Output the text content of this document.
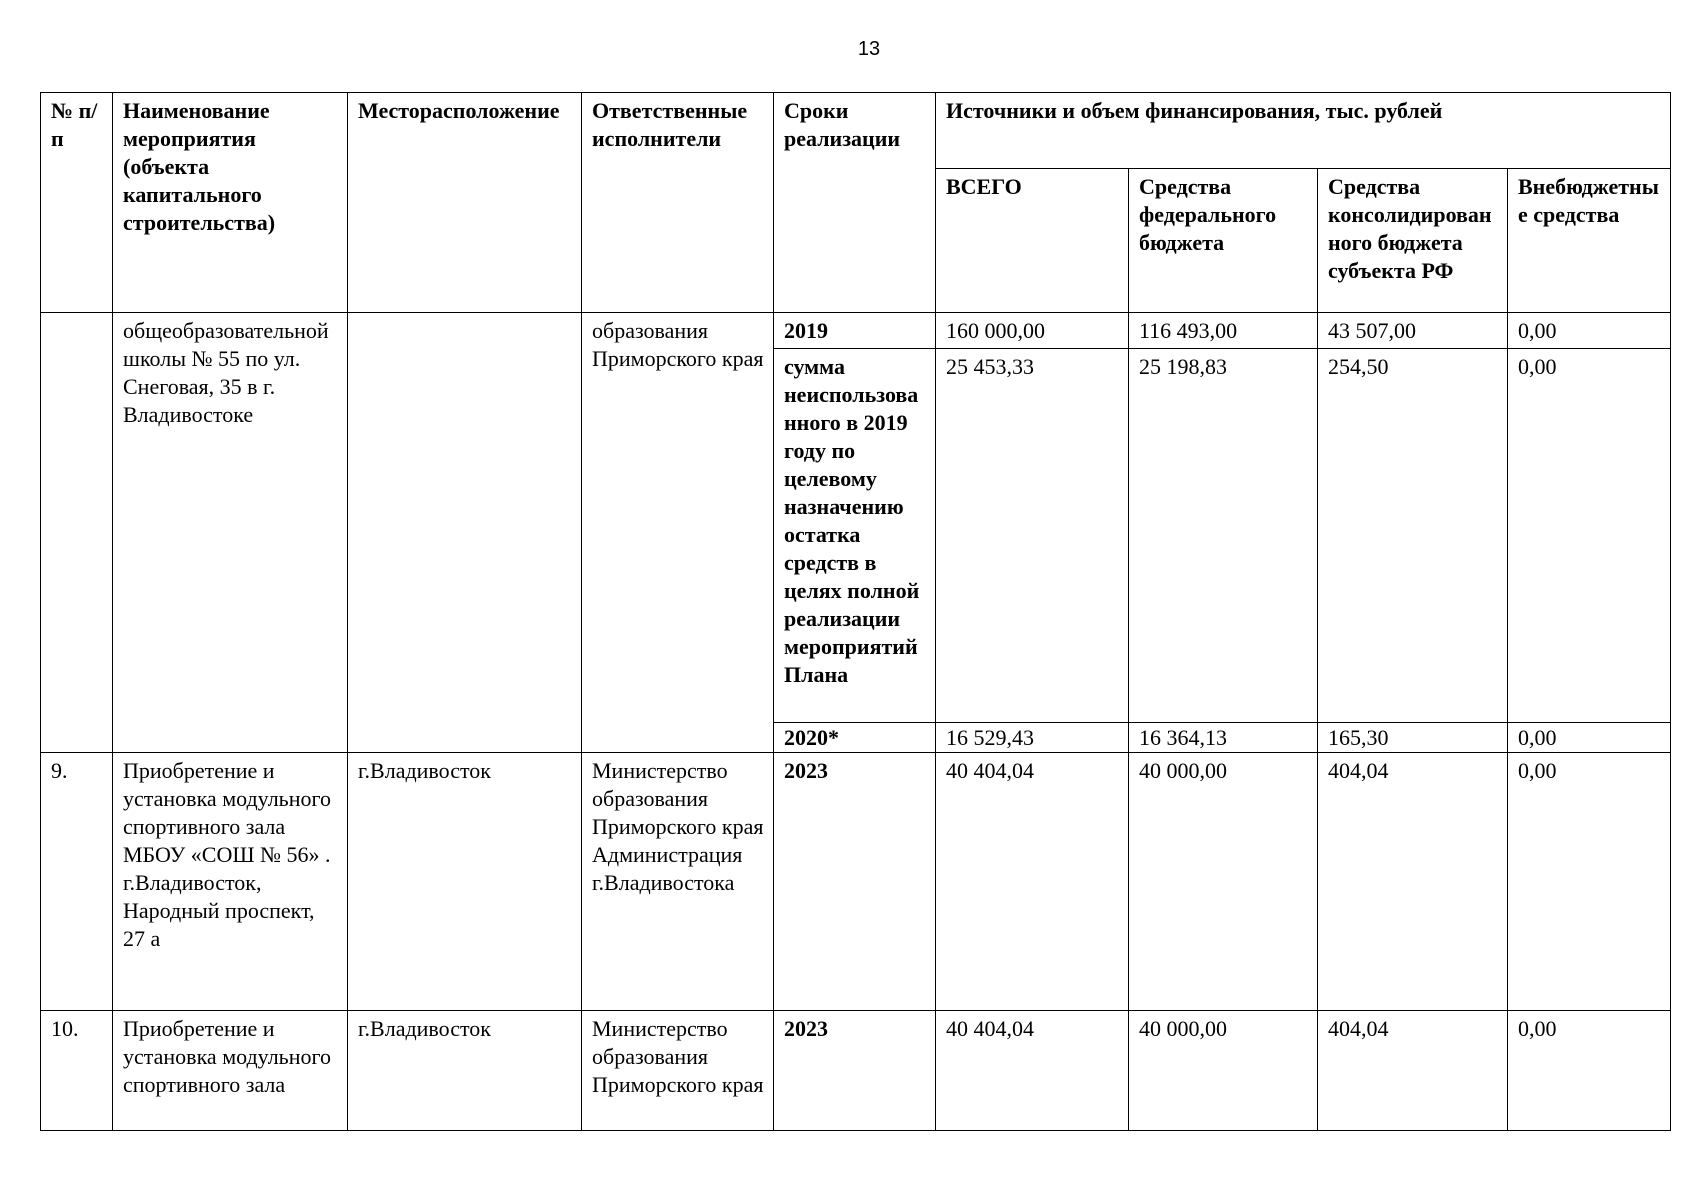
13
№ п/п	Наименование мероприятия (объекта капитального строительства)	Месторасположение	Ответственные исполнители	Сроки реализации	Источники и объем финансирования, тыс. рублей			
					ВСЕГО	Средства федерального бюджета	Средства консолидированного бюджета субъекта РФ	Внебюджетные средства
	общеобразовательной школы № 55 по ул. Снеговая, 35 в г. Владивостоке		образования Приморского края	2019	160 000,00	116 493,00	43 507,00	0,00
				сумма неиспользованного в 2019 году по целевому назначению остатка средств в целях полной реализации мероприятий Плана	25 453,33	25 198,83	254,50	0,00
				2020*	16 529,43	16 364,13	165,30	0,00
9.	Приобретение и установка модульного спортивного зала МБОУ «СОШ № 56» . г.Владивосток, Народный проспект, 27 а	г.Владивосток	Министерство образования Приморского края Администрация г.Владивостока	2023	40 404,04	40 000,00	404,04	0,00
10.	Приобретение и установка модульного спортивного зала	г.Владивосток	Министерство образования Приморского края	2023	40 404,04	40 000,00	404,04	0,00
